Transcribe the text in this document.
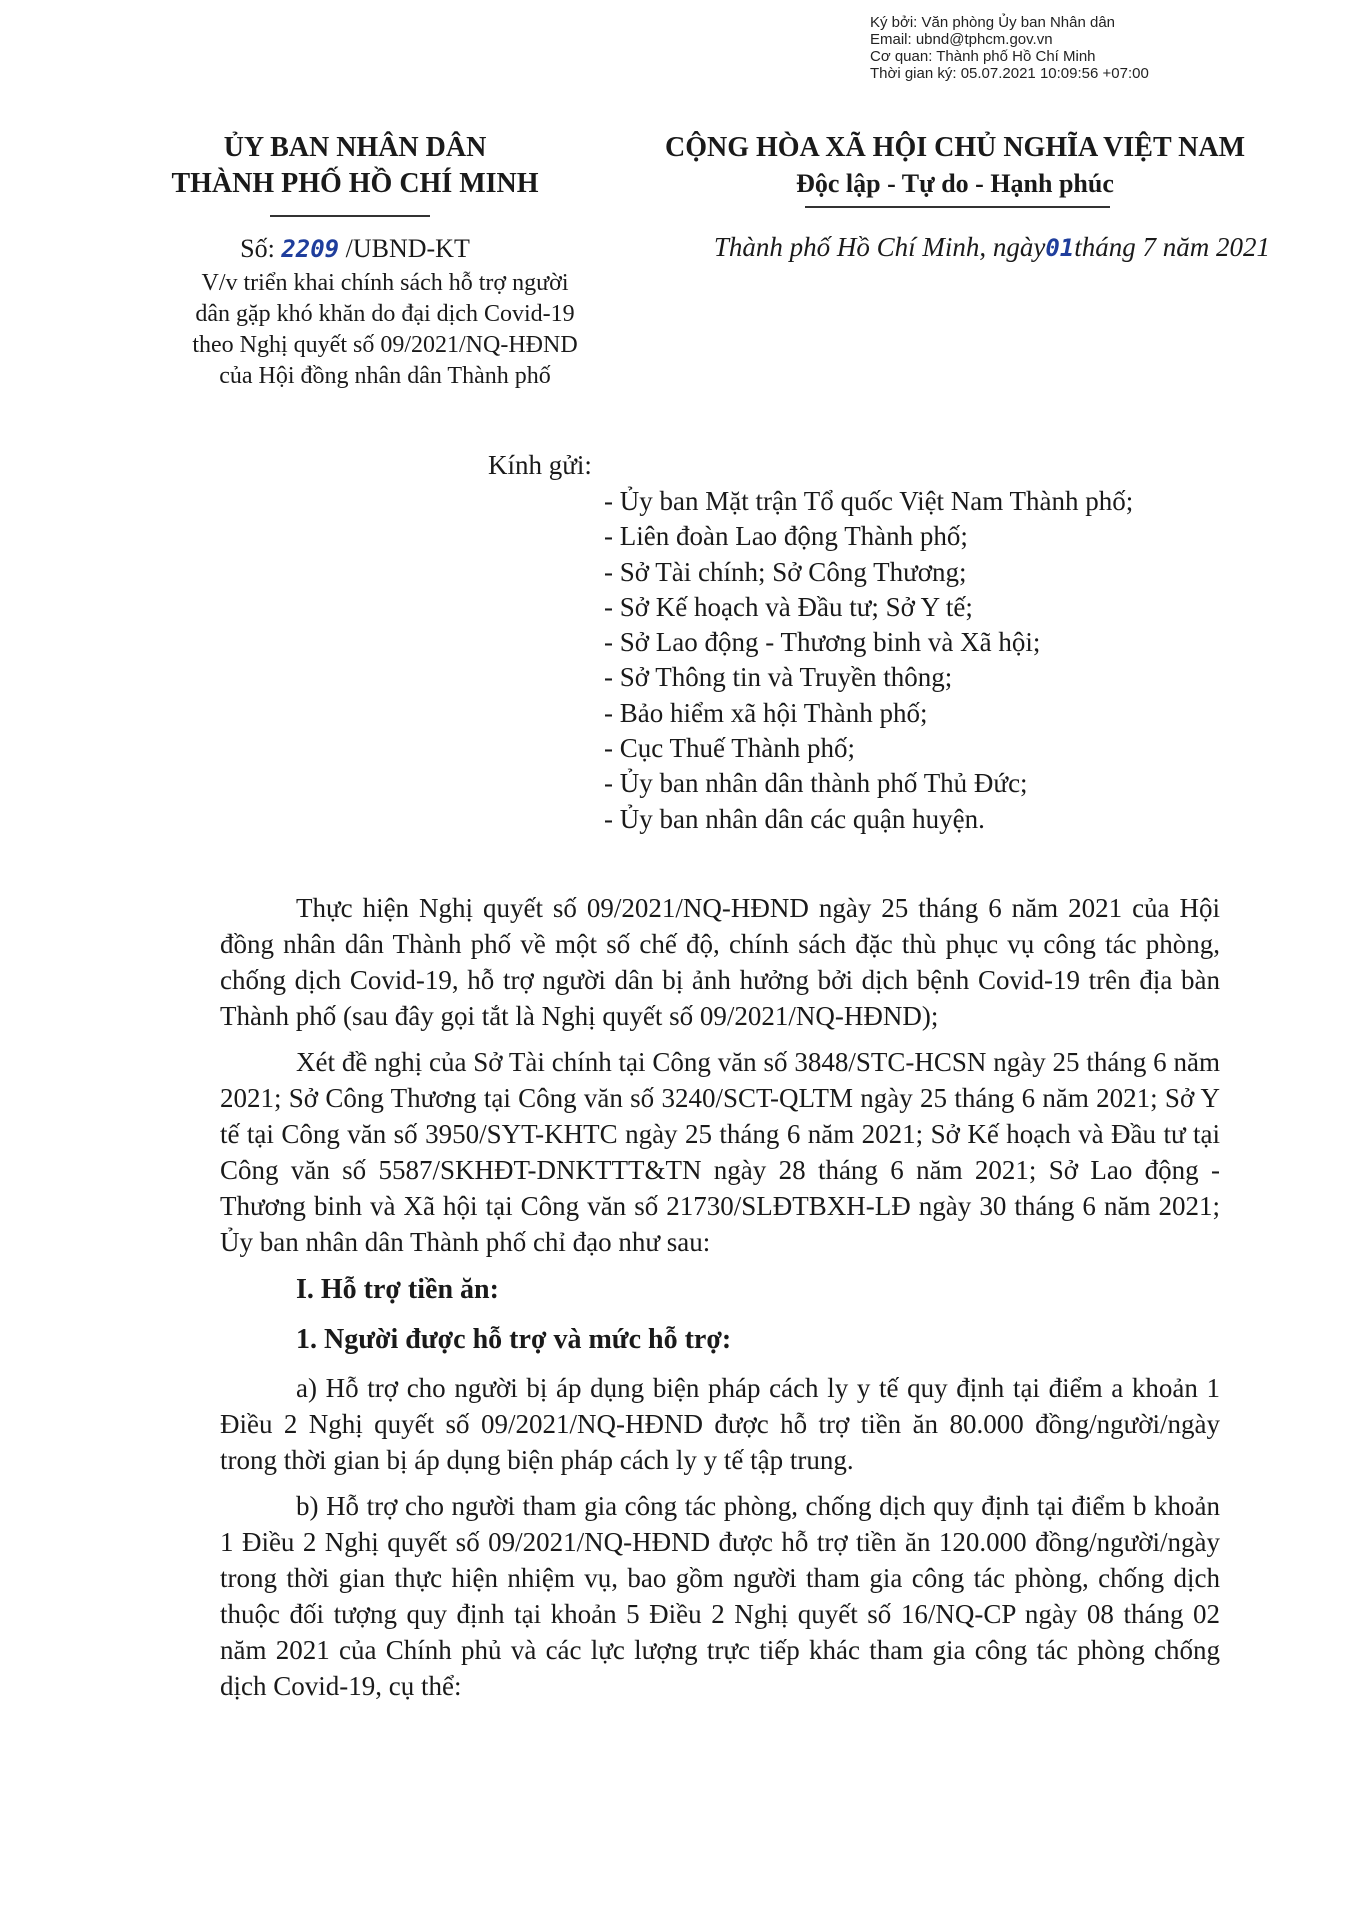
Ký bởi: Văn phòng Ủy ban Nhân dân
Email: ubnd@tphcm.gov.vn
Cơ quan: Thành phố Hồ Chí Minh
Thời gian ký: 05.07.2021 10:09:56 +07:00
ỦY BAN NHÂN DÂN
THÀNH PHỐ HỒ CHÍ MINH
CỘNG HÒA XÃ HỘI CHỦ NGHĨA VIỆT NAM
Độc lập - Tự do - Hạnh phúc
Số: 2209 /UBND-KT
V/v triển khai chính sách hỗ trợ người
dân gặp khó khăn do đại dịch Covid-19
theo Nghị quyết số 09/2021/NQ-HĐND
của Hội đồng nhân dân Thành phố
Thành phố Hồ Chí Minh, ngày01tháng 7 năm 2021
Kính gửi:
- Ủy ban Mặt trận Tổ quốc Việt Nam Thành phố;
- Liên đoàn Lao động Thành phố;
- Sở Tài chính; Sở Công Thương;
- Sở Kế hoạch và Đầu tư; Sở Y tế;
- Sở Lao động - Thương binh và Xã hội;
- Sở Thông tin và Truyền thông;
- Bảo hiểm xã hội Thành phố;
- Cục Thuế Thành phố;
- Ủy ban nhân dân thành phố Thủ Đức;
- Ủy ban nhân dân các quận huyện.

Thực hiện Nghị quyết số 09/2021/NQ-HĐND ngày 25 tháng 6 năm 2021 của Hội đồng nhân dân Thành phố về một số chế độ, chính sách đặc thù phục vụ công tác phòng, chống dịch Covid-19, hỗ trợ người dân bị ảnh hưởng bởi dịch bệnh Covid-19 trên địa bàn Thành phố (sau đây gọi tắt là Nghị quyết số 09/2021/NQ-HĐND);

Xét đề nghị của Sở Tài chính tại Công văn số 3848/STC-HCSN ngày 25 tháng 6 năm 2021; Sở Công Thương tại Công văn số 3240/SCT-QLTM ngày 25 tháng 6 năm 2021; Sở Y tế tại Công văn số 3950/SYT-KHTC ngày 25 tháng 6 năm 2021; Sở Kế hoạch và Đầu tư tại Công văn số 5587/SKHĐT-DNKTTT&TN ngày 28 tháng 6 năm 2021; Sở Lao động - Thương binh và Xã hội tại Công văn số 21730/SLĐTBXH-LĐ ngày 30 tháng 6 năm 2021; Ủy ban nhân dân Thành phố chỉ đạo như sau:

I. Hỗ trợ tiền ăn:
1. Người được hỗ trợ và mức hỗ trợ:

a) Hỗ trợ cho người bị áp dụng biện pháp cách ly y tế quy định tại điểm a khoản 1 Điều 2 Nghị quyết số 09/2021/NQ-HĐND được hỗ trợ tiền ăn 80.000 đồng/người/ngày trong thời gian bị áp dụng biện pháp cách ly y tế tập trung.

b) Hỗ trợ cho người tham gia công tác phòng, chống dịch quy định tại điểm b khoản 1 Điều 2 Nghị quyết số 09/2021/NQ-HĐND được hỗ trợ tiền ăn 120.000 đồng/người/ngày trong thời gian thực hiện nhiệm vụ, bao gồm người tham gia công tác phòng, chống dịch thuộc đối tượng quy định tại khoản 5 Điều 2 Nghị quyết số 16/NQ-CP ngày 08 tháng 02 năm 2021 của Chính phủ và các lực lượng trực tiếp khác tham gia công tác phòng chống dịch Covid-19, cụ thể:
